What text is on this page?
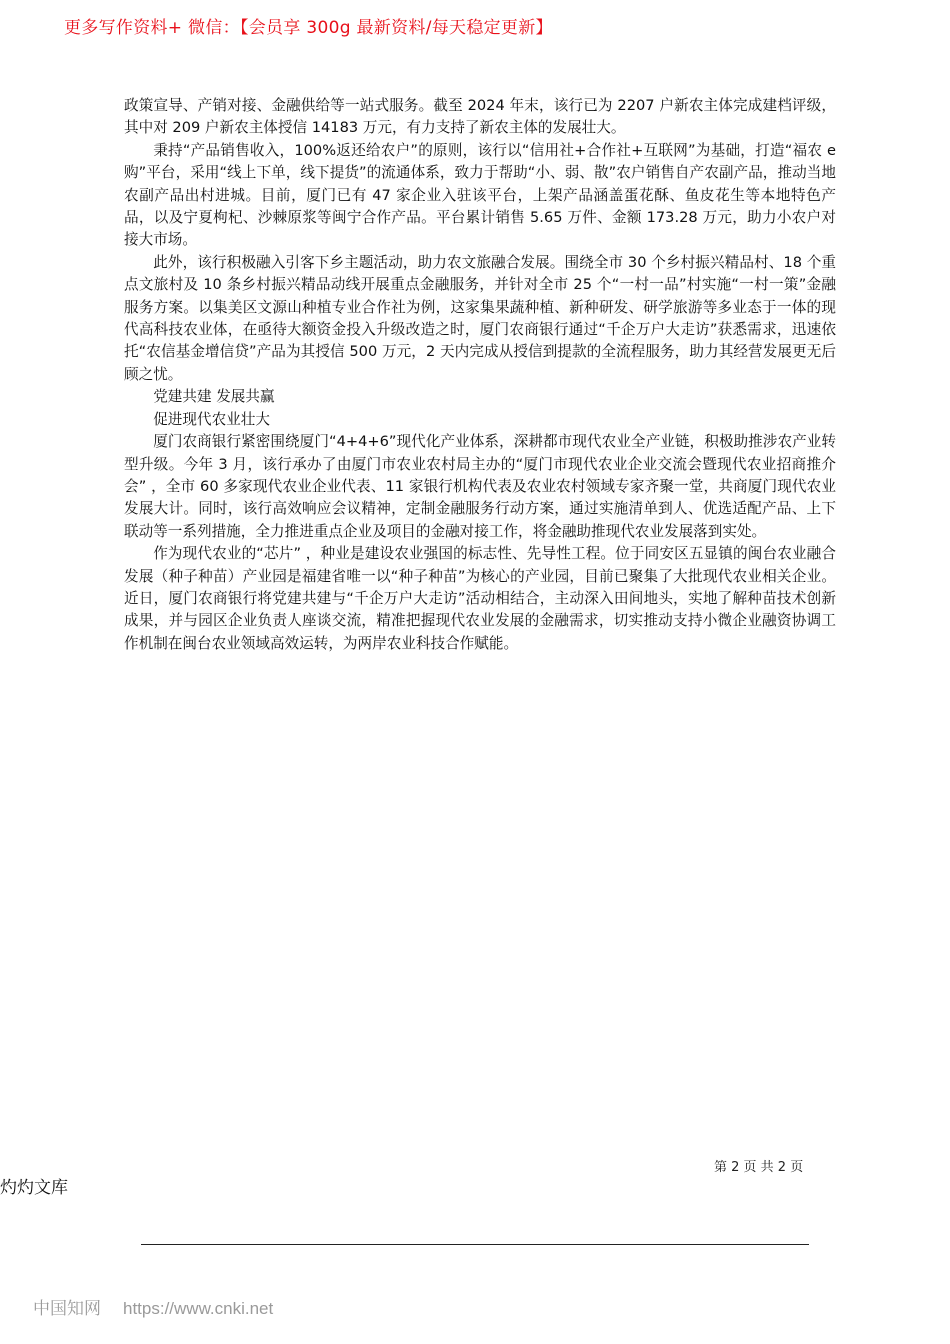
更多写作资料+ 微信：【会员享 300g 最新资料/每天稳定更新】

政策宣导、产销对接、金融供给等一站式服务。截至 2024 年末，该行已为 2207 户新农主体完成建档评级，其中对 209 户新农主体授信 14183 万元，有力支持了新农主体的发展壮大。

秉持“产品销售收入，100%返还给农户”的原则，该行以“信用社+合作社+互联网”为基础，打造“福农 e 购”平台，采用“线上下单，线下提货”的流通体系，致力于帮助“小、弱、散”农户销售自产农副产品，推动当地农副产品出村进城。目前，厦门已有 47 家企业入驻该平台，上架产品涵盖蛋花酥、鱼皮花生等本地特色产品，以及宁夏枸杞、沙棘原浆等闽宁合作产品。平台累计销售 5.65 万件、金额 173.28 万元，助力小农户对接大市场。

此外，该行积极融入引客下乡主题活动，助力农文旅融合发展。围绕全市 30 个乡村振兴精品村、18 个重点文旅村及 10 条乡村振兴精品动线开展重点金融服务，并针对全市 25 个“一村一品”村实施“一村一策”金融服务方案。以集美区文源山种植专业合作社为例，这家集果蔬种植、新种研发、研学旅游等多业态于一体的现代高科技农业体，在亟待大额资金投入升级改造之时，厦门农商银行通过“千企万户大走访”获悉需求，迅速依托“农信基金增信贷”产品为其授信 500 万元，2 天内完成从授信到提款的全流程服务，助力其经营发展更无后顾之忧。

党建共建 发展共赢

促进现代农业壮大

厦门农商银行紧密围绕厦门“4+4+6”现代化产业体系，深耕都市现代农业全产业链，积极助推涉农产业转型升级。今年 3 月，该行承办了由厦门市农业农村局主办的“厦门市现代农业企业交流会暨现代农业招商推介会” ，全市 60 多家现代农业企业代表、11 家银行机构代表及农业农村领域专家齐聚一堂，共商厦门现代农业发展大计。同时，该行高效响应会议精神，定制金融服务行动方案，通过实施清单到人、优选适配产品、上下联动等一系列措施，全力推进重点企业及项目的金融对接工作，将金融助推现代农业发展落到实处。

作为现代农业的“芯片” ，种业是建设农业强国的标志性、先导性工程。位于同安区五显镇的闽台农业融合发展（种子种苗）产业园是福建省唯一以“种子种苗”为核心的产业园，目前已聚集了大批现代农业相关企业。近日，厦门农商银行将党建共建与“千企万户大走访”活动相结合，主动深入田间地头，实地了解种苗技术创新成果，并与园区企业负责人座谈交流，精准把握现代农业发展的金融需求，切实推动支持小微企业融资协调工作机制在闽台农业领域高效运转，为两岸农业科技合作赋能。

第 2 页 共 2 页
灼灼文库
中国知网 https://www.cnki.net
